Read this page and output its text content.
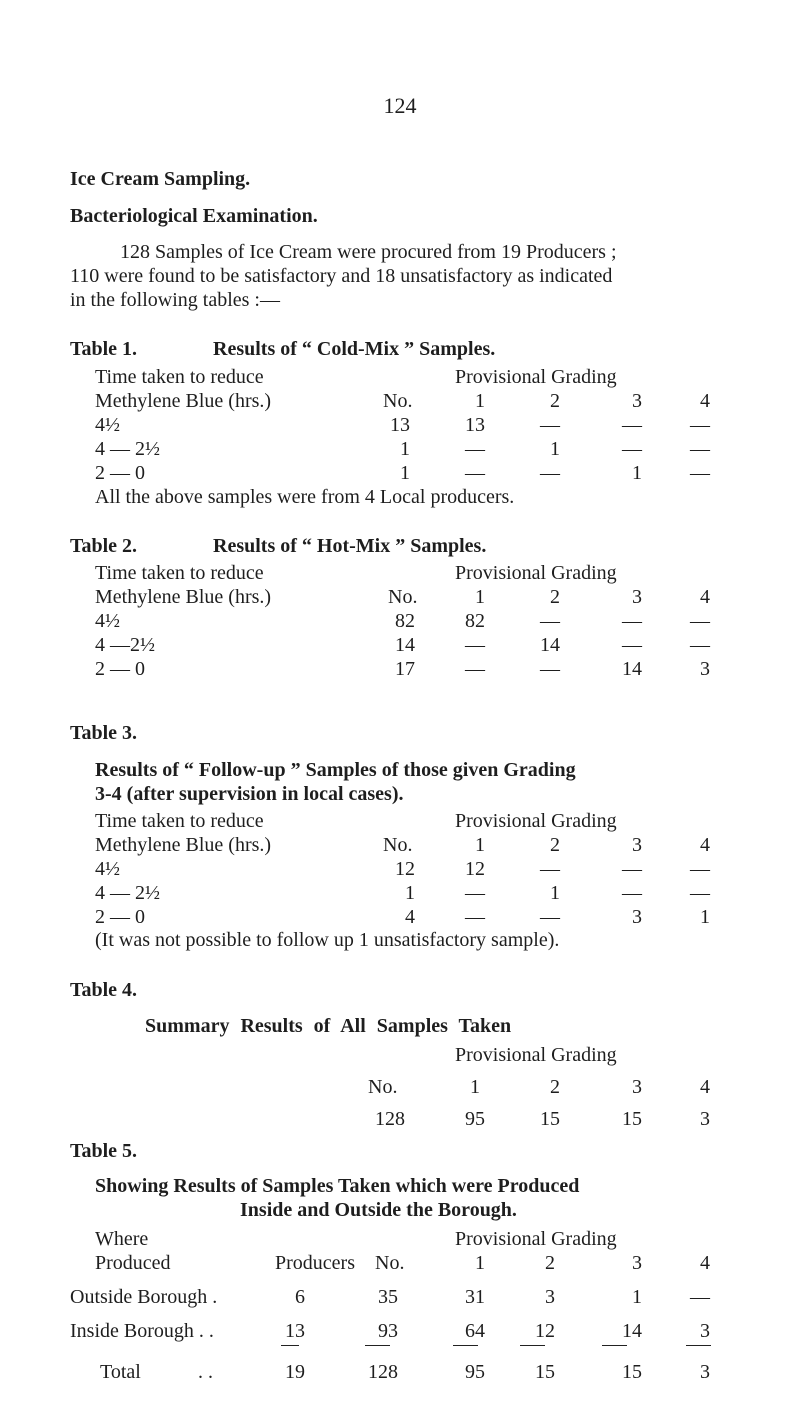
124
Ice Cream Sampling.
Bacteriological Examination.
128 Samples of Ice Cream were procured from 19 Producers ;
110 were found to be satisfactory and 18 unsatisfactory as indicated
in the following tables :—
Table 1.	Results of “ Cold-Mix ” Samples.
Time taken to reduce	Provisional Grading
Methylene Blue (hrs.)	No.	1	2	3	4
4½	13	13	—	—	—
4 — 2½	1	—	1	—	—
2 — 0	1	—	—	1	—
All the above samples were from 4 Local producers.
Table 2.	Results of “ Hot-Mix ” Samples.
Time taken to reduce	Provisional Grading
Methylene Blue (hrs.)	No.	1	2	3	4
4½	82	82	—	—	—
4 —2½	14	—	14	—	—
2 — 0	17	—	—	14	3
Table 3.
Results of “ Follow-up ” Samples of those given Grading
3-4 (after supervision in local cases).
Time taken to reduce	Provisional Grading
Methylene Blue (hrs.)	No.	1	2	3	4
4½	12	12	—	—	—
4 — 2½	1	—	1	—	—
2 — 0	4	—	—	3	1
(It was not possible to follow up 1 unsatisfactory sample).
Table 4.
Summary Results of All Samples Taken
Provisional Grading
No.	1	2	3	4
128	95	15	15	3
Table 5.
Showing Results of Samples Taken which were Produced
Inside and Outside the Borough.
Where	Provisional Grading
Produced	Producers No.	1	2	3	4
Outside Borough .	6	35	31	3	1	—
Inside Borough . .	13	93	64	12	14	3
Total	. .	19	128	95	15	15	3
